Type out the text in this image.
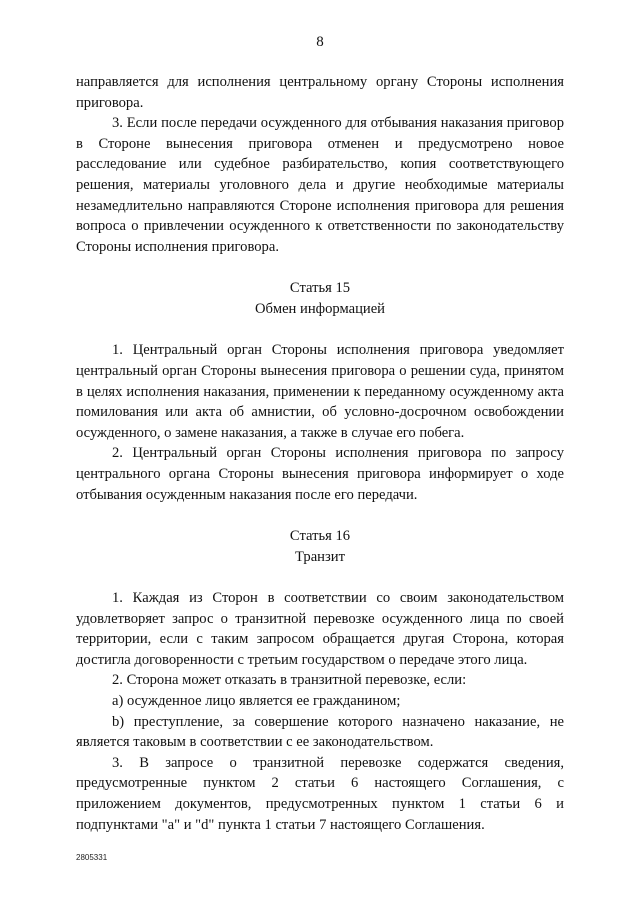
8

направляется для исполнения центральному органу Стороны исполнения приговора.

3. Если после передачи осужденного для отбывания наказания приговор в Стороне вынесения приговора отменен и предусмотрено новое расследование или судебное разбирательство, копия соответствующего решения, материалы уголовного дела и другие необходимые материалы незамедлительно направляются Стороне исполнения приговора для решения вопроса о привлечении осужденного к ответственности по законодательству Стороны исполнения приговора.

Статья 15
Обмен информацией

1. Центральный орган Стороны исполнения приговора уведомляет центральный орган Стороны вынесения приговора о решении суда, принятом в целях исполнения наказания, применении к переданному осужденному акта помилования или акта об амнистии, об условно-досрочном освобождении осужденного, о замене наказания, а также в случае его побега.

2. Центральный орган Стороны исполнения приговора по запросу центрального органа Стороны вынесения приговора информирует о ходе отбывания осужденным наказания после его передачи.

Статья 16
Транзит

1. Каждая из Сторон в соответствии со своим законодательством удовлетворяет запрос о транзитной перевозке осужденного лица по своей территории, если с таким запросом обращается другая Сторона, которая достигла договоренности с третьим государством о передаче этого лица.

2. Сторона может отказать в транзитной перевозке, если:

a) осужденное лицо является ее гражданином;

b) преступление, за совершение которого назначено наказание, не является таковым в соответствии с ее законодательством.

3. В запросе о транзитной перевозке содержатся сведения, предусмотренные пунктом 2 статьи 6 настоящего Соглашения, с приложением документов, предусмотренных пунктом 1 статьи 6 и подпунктами "a" и "d" пункта 1 статьи 7 настоящего Соглашения.

2805331
